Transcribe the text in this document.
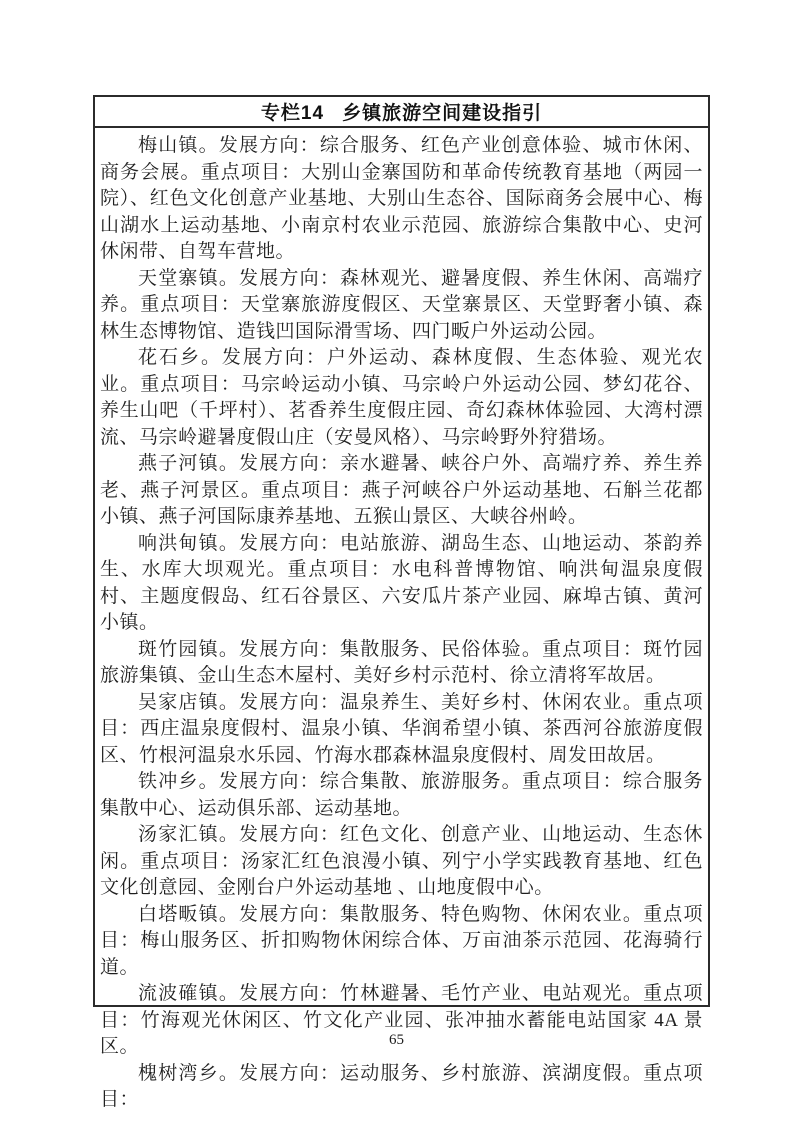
专栏14 乡镇旅游空间建设指引

梅山镇。发展方向：综合服务、红色产业创意体验、城市休闲、商务会展。重点项目：大别山金寨国防和革命传统教育基地（两园一院）、红色文化创意产业基地、大别山生态谷、国际商务会展中心、梅山湖水上运动基地、小南京村农业示范园、旅游综合集散中心、史河休闲带、自驾车营地。

天堂寨镇。发展方向：森林观光、避暑度假、养生休闲、高端疗养。重点项目：天堂寨旅游度假区、天堂寨景区、天堂野奢小镇、森林生态博物馆、造钱凹国际滑雪场、四门畈户外运动公园。

花石乡。发展方向：户外运动、森林度假、生态体验、观光农业。重点项目：马宗岭运动小镇、马宗岭户外运动公园、梦幻花谷、养生山吧（千坪村）、茗香养生度假庄园、奇幻森林体验园、大湾村漂流、马宗岭避暑度假山庄（安曼风格）、马宗岭野外狩猎场。

燕子河镇。发展方向：亲水避暑、峡谷户外、高端疗养、养生养老、燕子河景区。重点项目：燕子河峡谷户外运动基地、石斛兰花都小镇、燕子河国际康养基地、五猴山景区、大峡谷州岭。

响洪甸镇。发展方向：电站旅游、湖岛生态、山地运动、茶韵养生、水库大坝观光。重点项目：水电科普博物馆、响洪甸温泉度假村、主题度假岛、红石谷景区、六安瓜片茶产业园、麻埠古镇、黄河小镇。

斑竹园镇。发展方向：集散服务、民俗体验。重点项目：斑竹园旅游集镇、金山生态木屋村、美好乡村示范村、徐立清将军故居。

吴家店镇。发展方向：温泉养生、美好乡村、休闲农业。重点项目：西庄温泉度假村、温泉小镇、华润希望小镇、茶西河谷旅游度假区、竹根河温泉水乐园、竹海水郡森林温泉度假村、周发田故居。

铁冲乡。发展方向：综合集散、旅游服务。重点项目：综合服务集散中心、运动俱乐部、运动基地。

汤家汇镇。发展方向：红色文化、创意产业、山地运动、生态休闲。重点项目：汤家汇红色浪漫小镇、列宁小学实践教育基地、红色文化创意园、金刚台户外运动基地 、山地度假中心。

白塔畈镇。发展方向：集散服务、特色购物、休闲农业。重点项目：梅山服务区、折扣购物休闲综合体、万亩油茶示范园、花海骑行道。

流波確镇。发展方向：竹林避暑、毛竹产业、电站观光。重点项目：竹海观光休闲区、竹文化产业园、张冲抽水蓄能电站国家 4A 景区。

槐树湾乡。发展方向：运动服务、乡村旅游、滨湖度假。重点项目：

65
